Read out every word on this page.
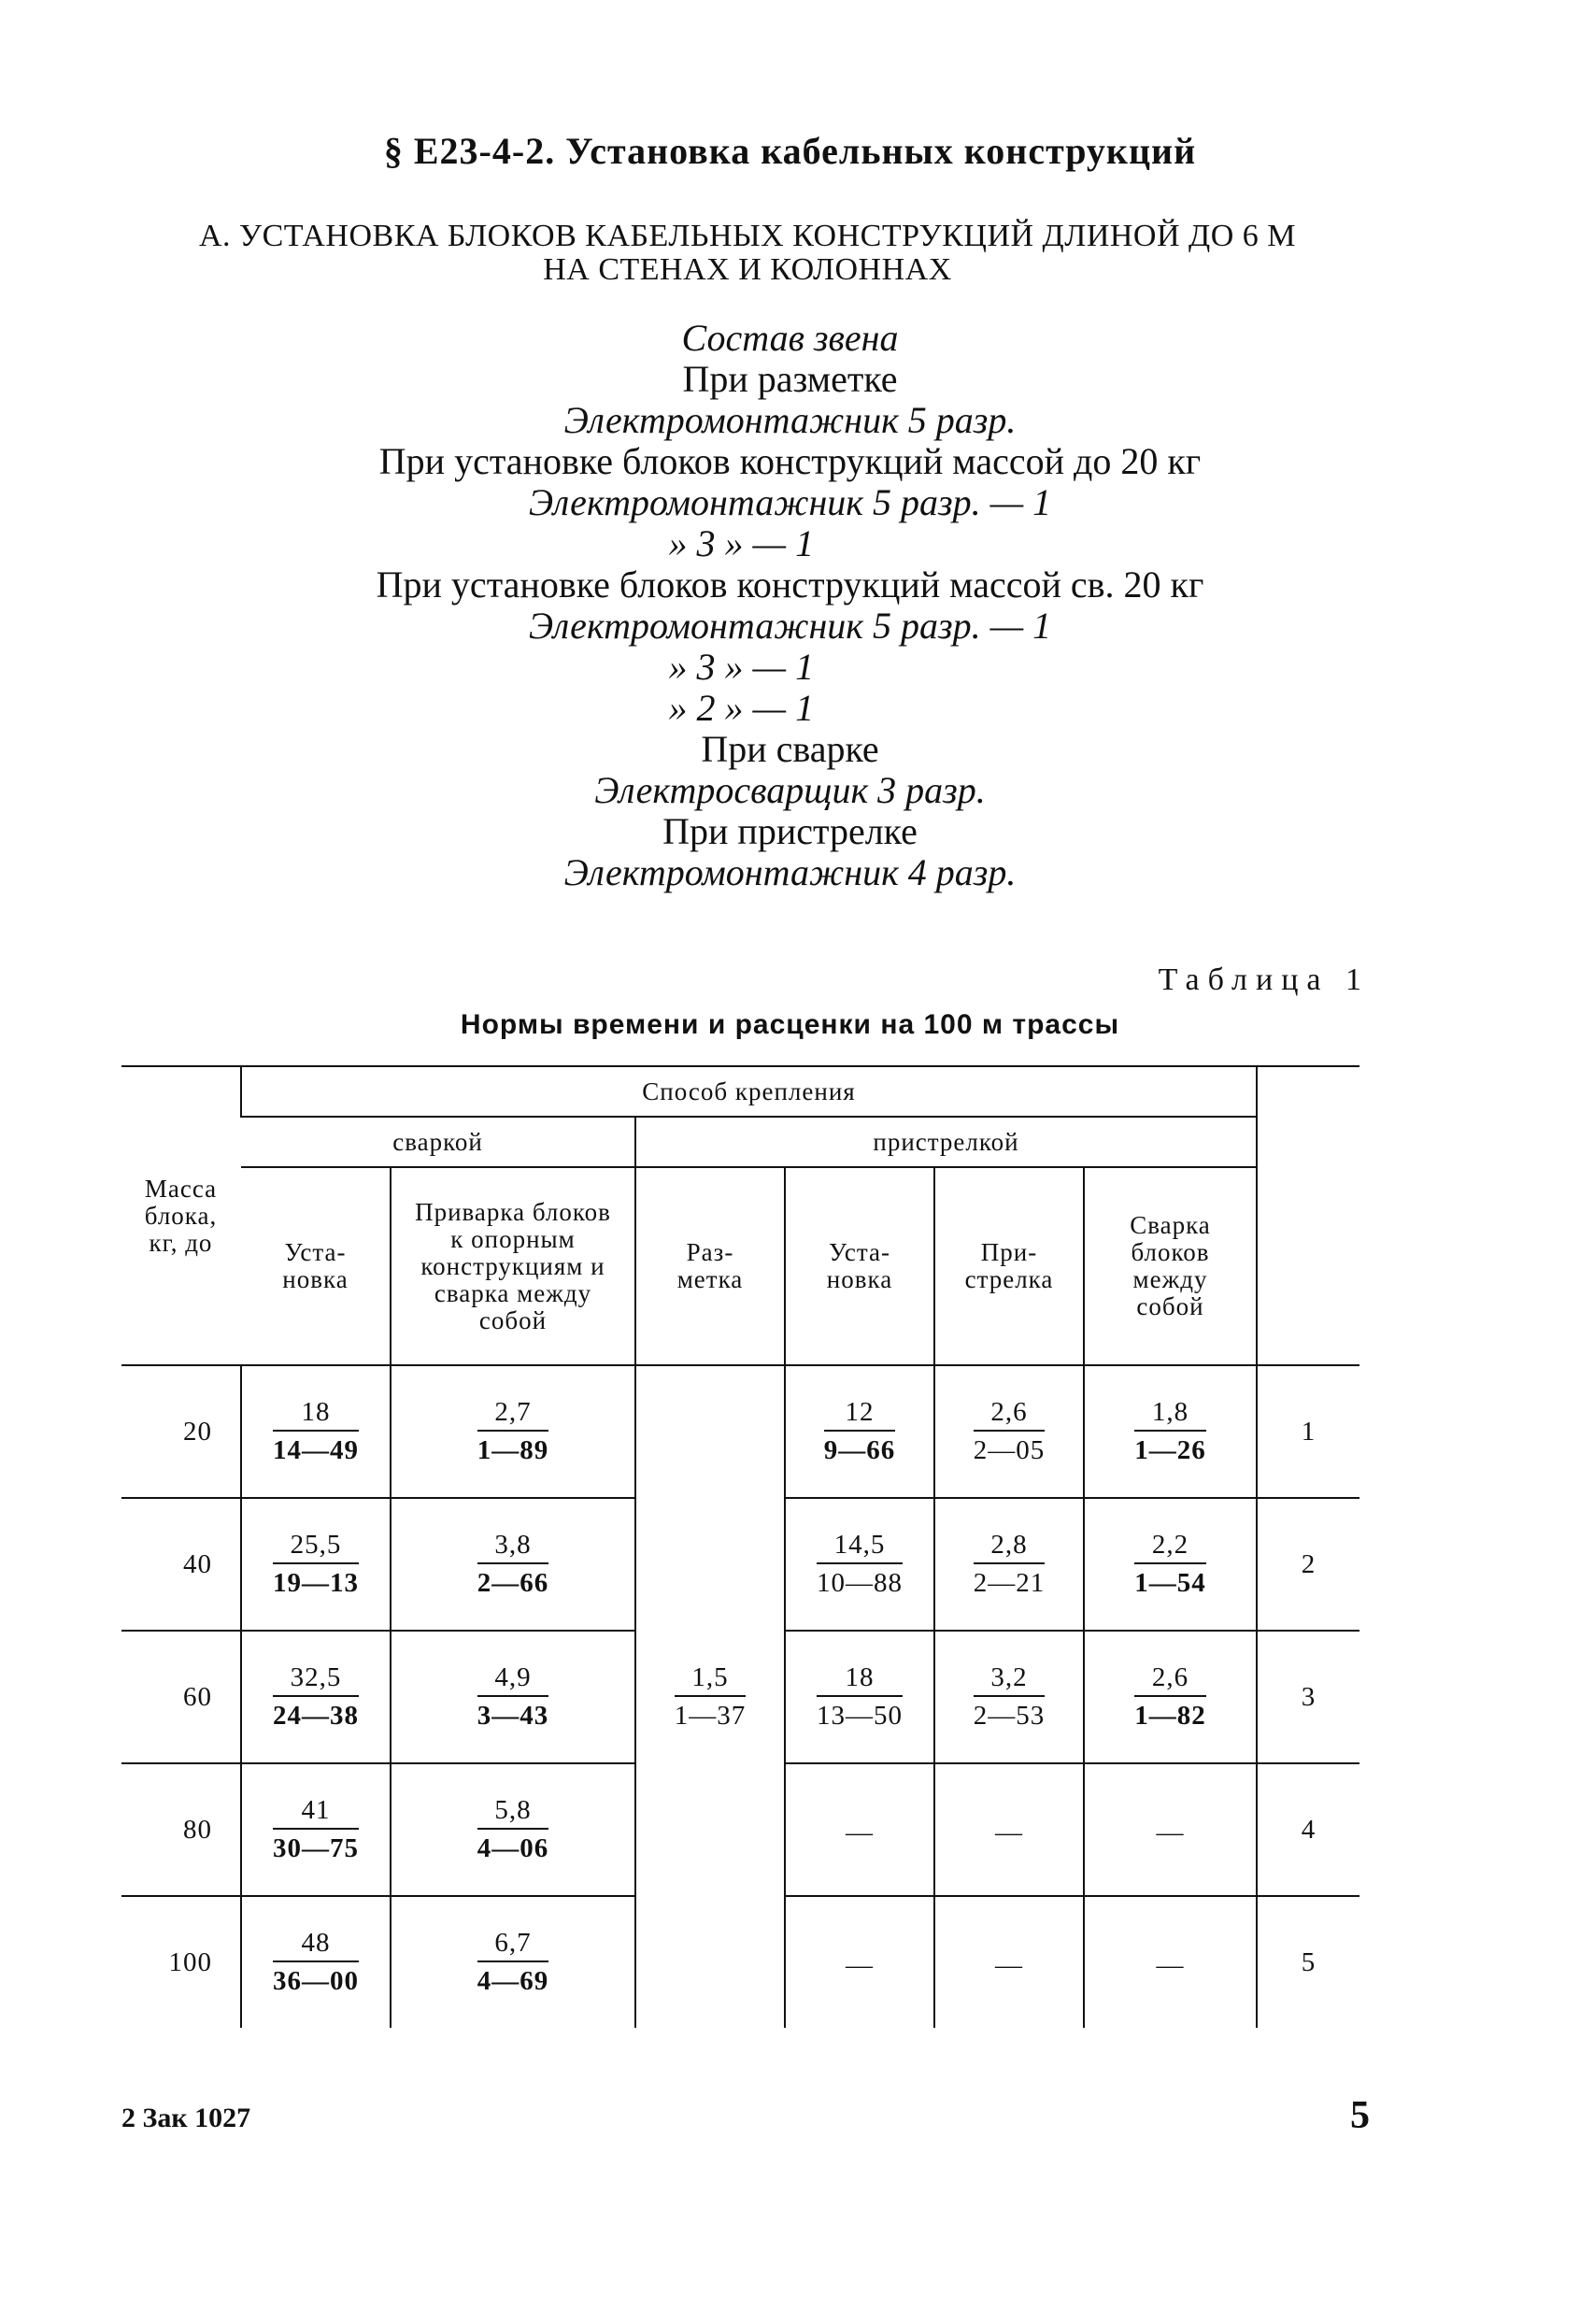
§ Е23-4-2. Установка кабельных конструкций
А. УСТАНОВКА БЛОКОВ КАБЕЛЬНЫХ КОНСТРУКЦИЙ ДЛИНОЙ ДО 6 М
НА СТЕНАХ И КОЛОННАХ
Состав звена
При разметке
Электромонтажник 5 разр.
При установке блоков конструкций массой до 20 кг
Электромонтажник 5 разр. — 1
» 3 » — 1
При установке блоков конструкций массой св. 20 кг
Электромонтажник 5 разр. — 1
» 3 » — 1
» 2 » — 1
При сварке
Электросварщик 3 разр.
При пристрелке
Электромонтажник 4 разр.
Таблица 1
Нормы времени и расценки на 100 м трассы
Масса блока, кг, до	Способ крепления						
	сваркой		пристрелкой				
	Уста-нoвка	Приварка блоков к опорным конструкциям и сварка между собой	Раз-метка	Уста-новка	При-стрелка	Сварка блоков между собой	
20	$\frac{18}{14—49}$	$\frac{2,7}{1—89}$	$\frac{1,5}{1—37}$	$\frac{12}{9—66}$	$\frac{2,6}{2—05}$	$\frac{1,8}{1—26}$	1
40	$\frac{25,5}{19—13}$	$\frac{3,8}{2—66}$		$\frac{14,5}{10—88}$	$\frac{2,8}{2—21}$	$\frac{2,2}{1—54}$	2
60	$\frac{32,5}{24—38}$	$\frac{4,9}{3—43}$		$\frac{18}{13—50}$	$\frac{3,2}{2—53}$	$\frac{2,6}{1—82}$	3
80	$\frac{41}{30—75}$	$\frac{5,8}{4—06}$		—	—	—	4
100	$\frac{48}{36—00}$	$\frac{6,7}{4—69}$		—	—	—	5
2 Зак 1027	5
